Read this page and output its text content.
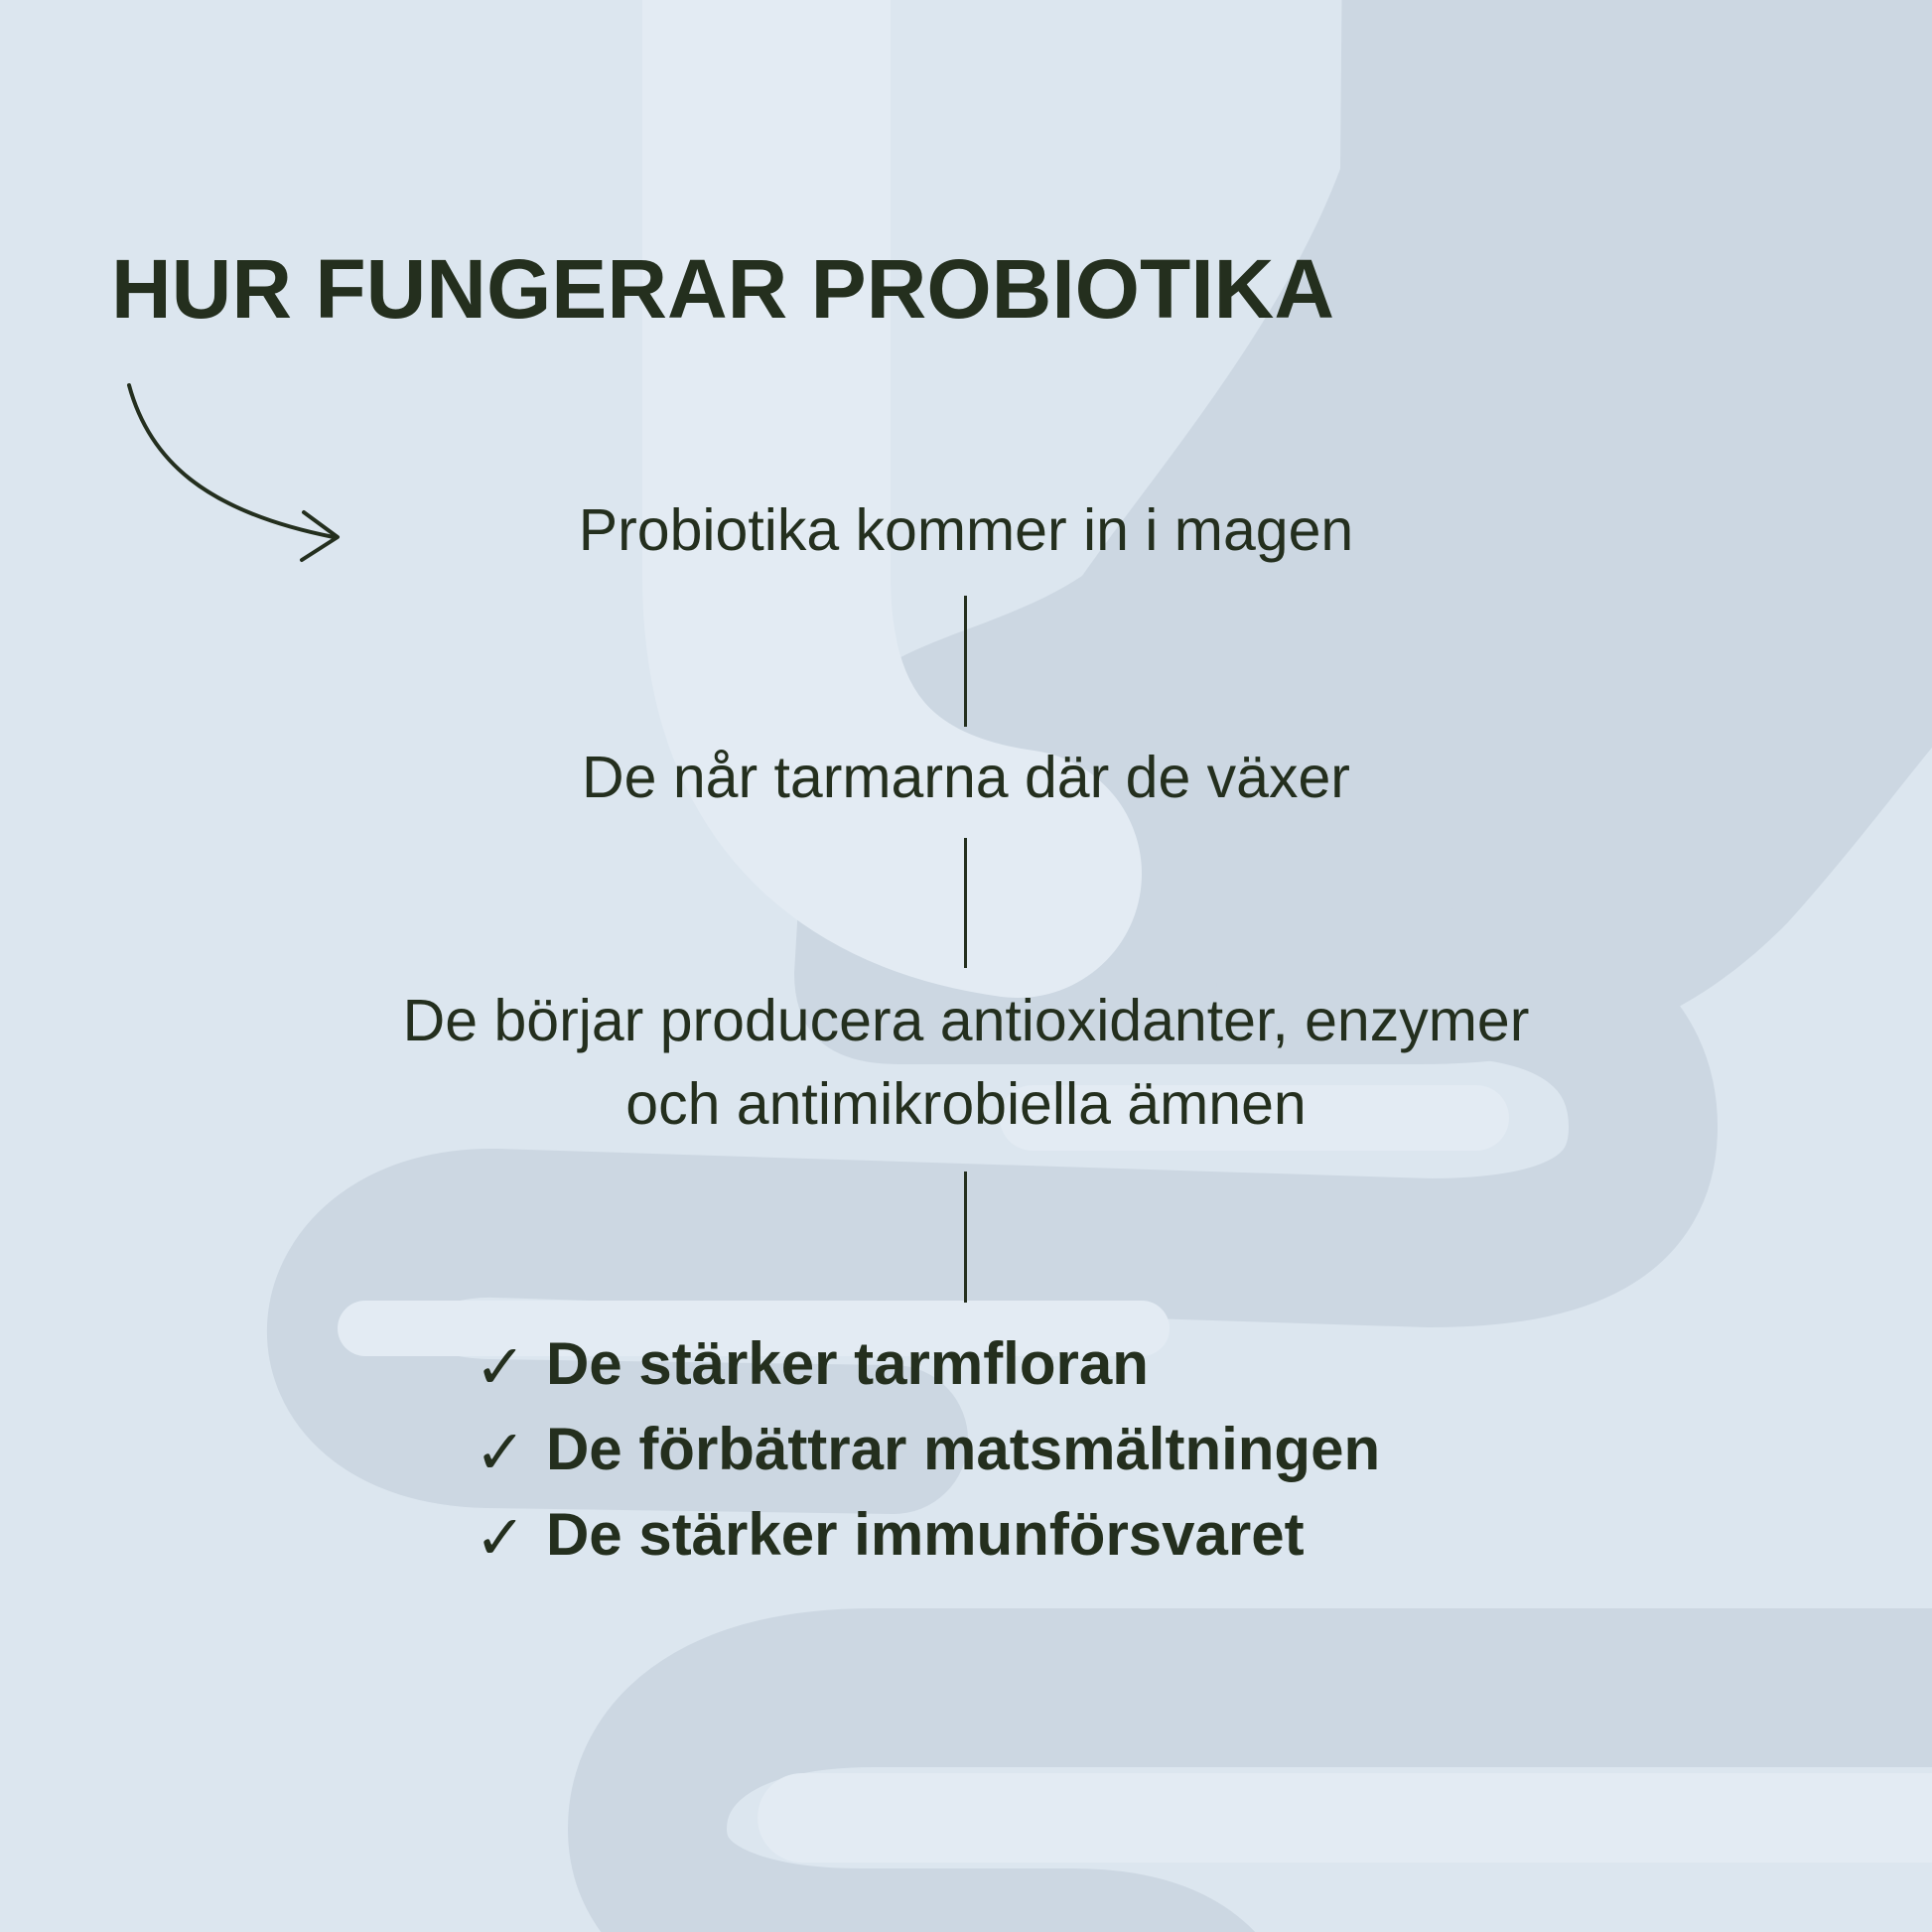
HUR FUNGERAR PROBIOTIKA
Probiotika kommer in i magen
De når tarmarna där de växer
De börjar producera antioxidanter, enzymer och antimikrobiella ämnen
✓ De stärker tarmfloran
✓ De förbättrar matsmältningen
✓ De stärker immunförsvaret
